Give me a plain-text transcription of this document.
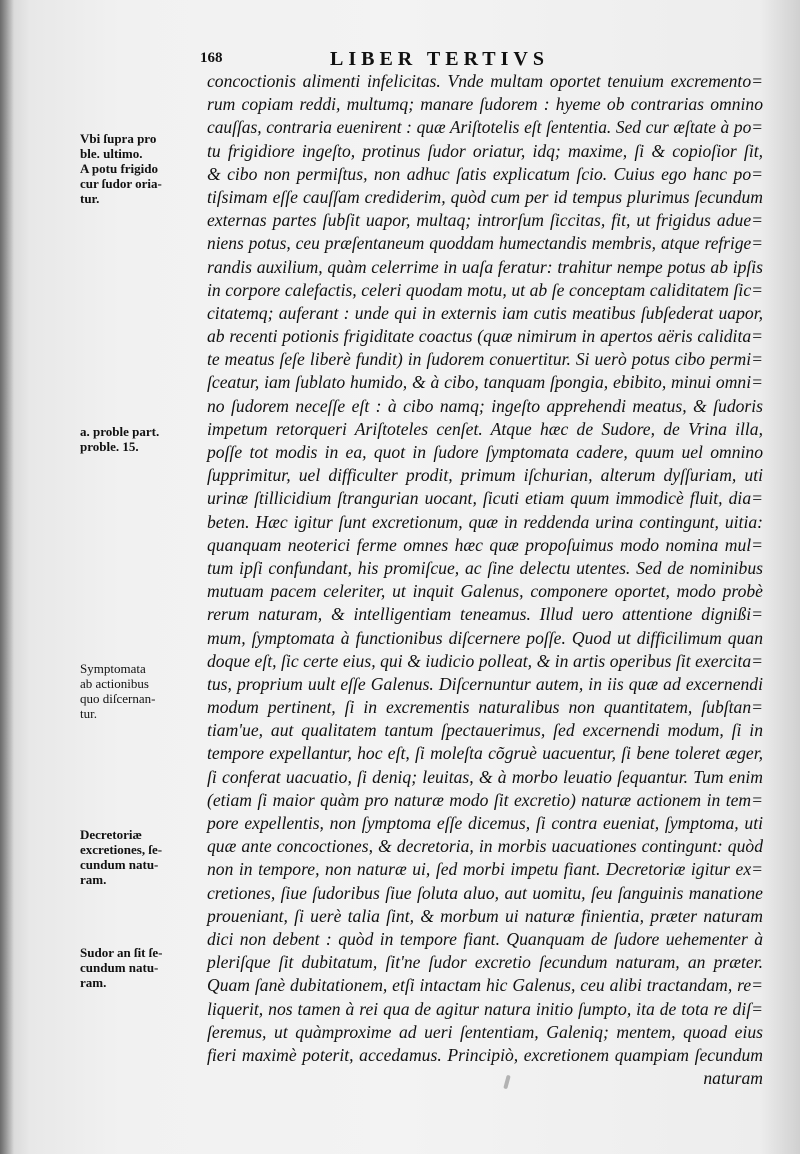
168	LIBER TERTIVS
Vbi ſupra pro
ble. ultimo.
A potu frigido
cur ſudor oria-
tur.
a. proble part.
proble. 15.
Symptomata
ab actionibus
quo diſcernan-
tur.
Decretoriæ
excretiones, ſe-
cundum natu-
ram.
Sudor an ſit ſe-
cundum natu-
ram.
concoctionis alimenti infelicitas. Vnde multam oportet tenuium excremento=
rum copiam reddi, multumq; manare ſudorem : hyeme ob contrarias omnino
cauſſas, contraria euenirent : quæ Ariſtotelis eſt ſententia. Sed cur æſtate à po=
tu frigidiore ingeſto, protinus ſudor oriatur, idq; maxime, ſi & copioſior ſit,
& cibo non permiſtus, non adhuc ſatis explicatum ſcio. Cuius ego hanc po=
tiſsimam eſſe cauſſam crediderim, quòd cum per id tempus plurimus ſecundum
externas partes ſubſit uapor, multaq; introrſum ſiccitas, fit, ut frigidus adue=
niens potus, ceu præſentaneum quoddam humectandis membris, atque refrige=
randis auxilium, quàm celerrime in uaſa feratur: trahitur nempe potus ab ipſis
in corpore calefactis, celeri quodam motu, ut ab ſe conceptam caliditatem ſic=
citatemq; auferant : unde qui in externis iam cutis meatibus ſubſederat uapor,
ab recenti potionis frigiditate coactus (quæ nimirum in apertos aëris calidita=
te meatus ſeſe liberè fundit) in ſudorem conuertitur. Si uerò potus cibo permi=
ſceatur, iam ſublato humido, & à cibo, tanquam ſpongia, ebibito, minui omni=
no ſudorem neceſſe eſt : à cibo namq; ingeſto apprehendi meatus, & ſudoris
impetum retorqueri Ariſtoteles cenſet. Atque hæc de Sudore, de Vrina illa,
poſſe tot modis in ea, quot in ſudore ſymptomata cadere, quum uel omnino
ſupprimitur, uel difficulter prodit, primum iſchurian, alterum dyſſuriam, uti
urinæ ſtillicidium ſtrangurian uocant, ſicuti etiam quum immodicè fluit, dia=
beten. Hæc igitur ſunt excretionum, quæ in reddenda urina contingunt, uitia:
quanquam neoterici ferme omnes hæc quæ propoſuimus modo nomina mul=
tum ipſi confundant, his promiſcue, ac ſine delectu utentes. Sed de nominibus
mutuam pacem celeriter, ut inquit Galenus, componere oportet, modo probè
rerum naturam, & intelligentiam teneamus. Illud uero attentione dignißi=
mum, ſymptomata à functionibus diſcernere poſſe. Quod ut difficilimum quan
doque eſt, ſic certe eius, qui & iudicio polleat, & in artis operibus ſit exercita=
tus, proprium uult eſſe Galenus. Diſcernuntur autem, in iis quæ ad excernendi
modum pertinent, ſi in excrementis naturalibus non quantitatem, ſubſtan=
tiam'ue, aut qualitatem tantum ſpectauerimus, ſed excernendi modum, ſi in
tempore expellantur, hoc eſt, ſi moleſta cõgruè uacuentur, ſi bene toleret æger,
ſi conferat uacuatio, ſi deniq; leuitas, & à morbo leuatio ſequantur. Tum enim
(etiam ſi maior quàm pro naturæ modo ſit excretio) naturæ actionem in tem=
pore expellentis, non ſymptoma eſſe dicemus, ſi contra eueniat, ſymptoma, uti
quæ ante concoctiones, & decretoria, in morbis uacuationes contingunt: quòd
non in tempore, non naturæ ui, ſed morbi impetu fiant. Decretoriæ igitur ex=
cretiones, ſiue ſudoribus ſiue ſoluta aluo, aut uomitu, ſeu ſanguinis manatione
proueniant, ſi uerè talia ſint, & morbum ui naturæ finientia, præter naturam
dici non debent : quòd in tempore fiant. Quanquam de ſudore uehementer à
pleriſque ſit dubitatum, ſit'ne ſudor excretio ſecundum naturam, an præter.
Quam ſanè dubitationem, etſi intactam hic Galenus, ceu alibi tractandam, re=
liquerit, nos tamen à rei qua de agitur natura initio ſumpto, ita de tota re diſ=
ſeremus, ut quàmproxime ad ueri ſententiam, Galeniq; mentem, quoad eius
fieri maximè poterit, accedamus. Principiò, excretionem quampiam ſecundum
naturam
